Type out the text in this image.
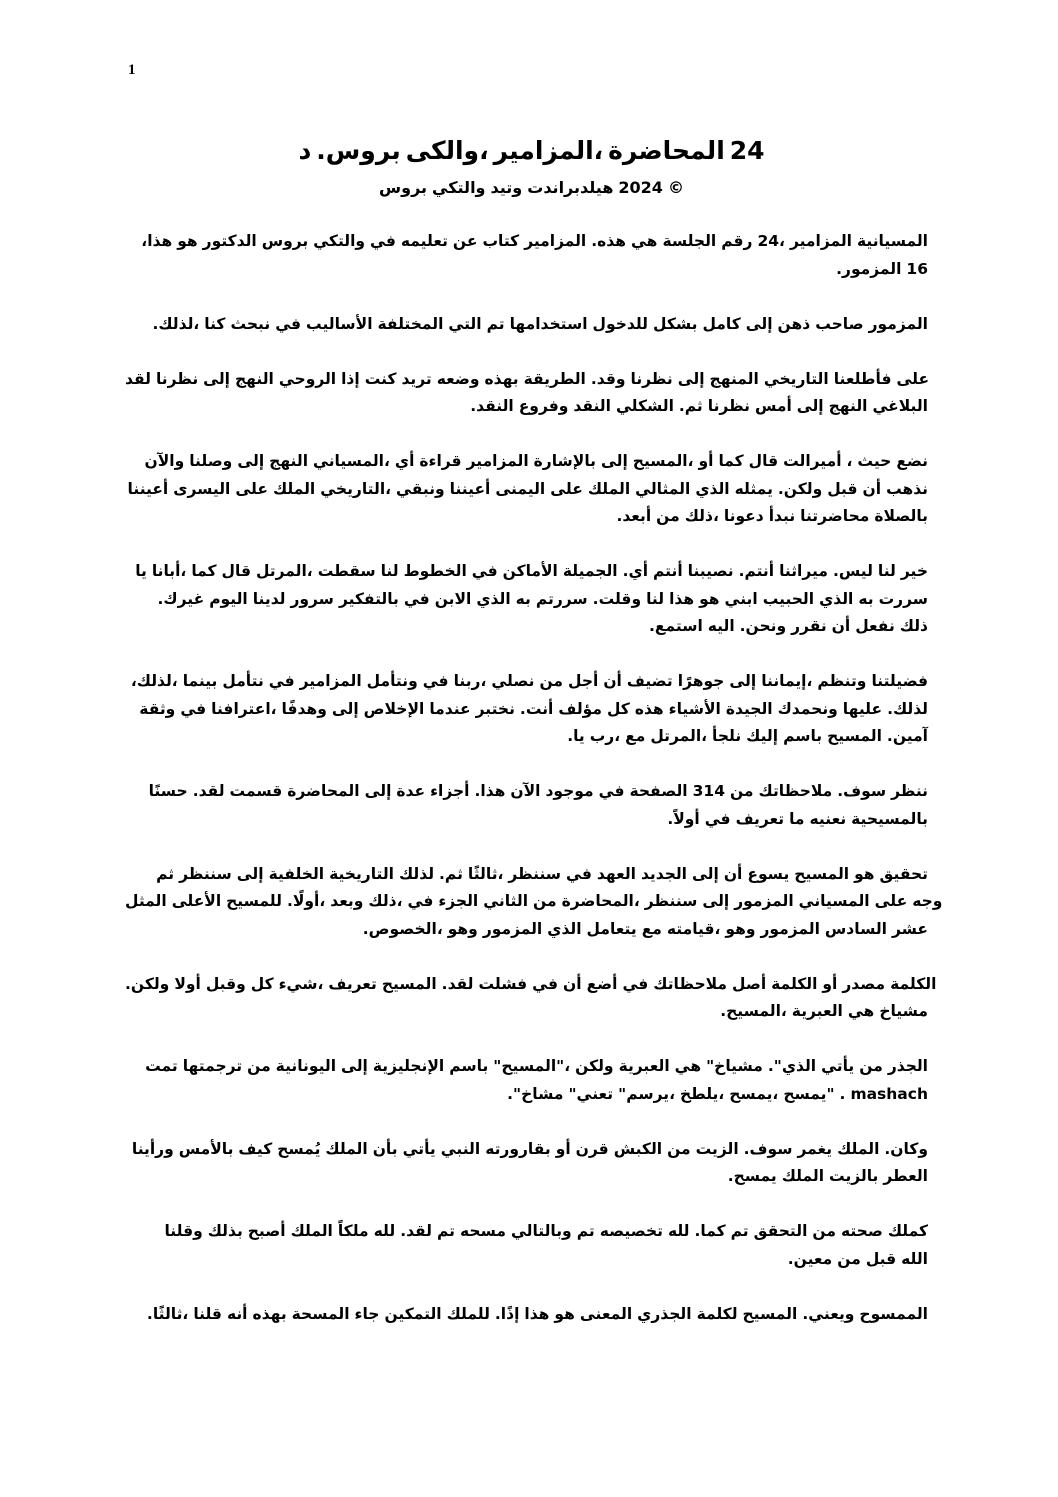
1
د .بروس والكى، المزامير، المحاضرة 24
بروس والتكي وتيد هيلدبراندت 2024 ©
،هذا هو الدكتور بروس والتكي في تعليمه عن كتاب المزامير .هذه هي الجلسة رقم 24، المزامير المسيانية
.المزمور 16
.لذلك، كنا نبحث في الأساليب المختلفة التي تم استخدامها للدخول بشكل كامل إلى ذهن صاحب المزمور
لقد نظرنا إلى النهج الروحي إذا كنت تريد وضعه بهذه الطريقة .وقد نظرنا إلى المنهج التاريخي فأطلعنا على
.النقد وفروع النقد الشكلي .ثم نظرنا أمس إلى النهج البلاغي
والآن وصلنا إلى النهج المسياني، أي قراءة المزامير بالإشارة إلى المسيح، أو كما قال أميرالت ، حيث نضع
أعيننا اليسرى على الملك التاريخي، ونبقي أعيننا اليمنى على الملك المثالي الذي يمثله .ولكن قبل أن نذهب
.أبعد من ذلك، دعونا نبدأ محاضرتنا بالصلاة
يا أبانا، كما قال المرتل، سقطت لنا الخطوط في الأماكن الجميلة .أي أنتم نصيبنا .أنتم ميراثنا .ليس لنا خير
.غيرك اليوم لدينا سرور بالتفكير في الابن الذي به سررتم .وقلت لنا هذا هو ابني الحبيب الذي به سررت
.استمع اليه .ونحن نقرر أن نفعل ذلك
،لذلك، بينما نتأمل في المزامير ونتأمل في ربنا، نصلي من أجل أن تضيف جوهرًا إلى إيماننا، وتنظم فضيلتنا
وثقة في اعترافنا، وهدفًا إلى الإخلاص عندما نختبر .أنت مؤلف كل هذه الأشياء الجيدة ونحمدك عليها .لذلك
.يا رب، مع المرتل، نلجأ إليك باسم المسيح .آمين
حسنًا .لقد قسمت المحاضرة إلى عدة أجزاء .هذا الآن موجود في الصفحة 314 من ملاحظاتك .سوف ننظر
.أولاً في تعريف ما نعنيه بالمسيحية
ثم سننظر إلى الخلفية التاريخية لذلك .ثم ثالثًا، سننظر في العهد الجديد إلى أن يسوع المسيح هو تحقيق
المثل الأعلى للمسيح .أولًا، وبعد ذلك، في الجزء الثاني من المحاضرة، سننظر إلى المزمور المسياني على وجه
.الخصوص، وهو المزمور الذي يتعامل مع قيامته، وهو المزمور السادس عشر
.ولكن أولا وقبل كل شيء، تعريف المسيح .لقد فشلت في أن أضع في ملاحظاتك أصل الكلمة أو مصدر الكلمة
.المسيح، العبرية هي مشياخ
تمت ترجمتها من اليونانية إلى الإنجليزية باسم "المسيح"، ولكن العبرية هي "مشياخ ."الذي يأتي من الجذر
."مشاخ "تعني "يرسم، يلطخ، يمسح، يمسح" . mashach
ورأينا بالأمس كيف يُمسح الملك بأن يأتي النبي بقارورته أو قرن الكبش من الزيت .سوف يغمر الملك .وكان
.يمسح الملك بالزيت العطر
وقلنا بذلك أصبح الملك ملكاً لله .لقد تم مسحه وبالتالي تم تخصيصه لله .كما تم التحقق من صحته كملك
.معين من قبل الله
.ثالثًا، قلنا أنه بهذه المسحة جاء التمكين للملك .إذًا هذا هو المعنى الجذري لكلمة المسيح .ويعني الممسوح
